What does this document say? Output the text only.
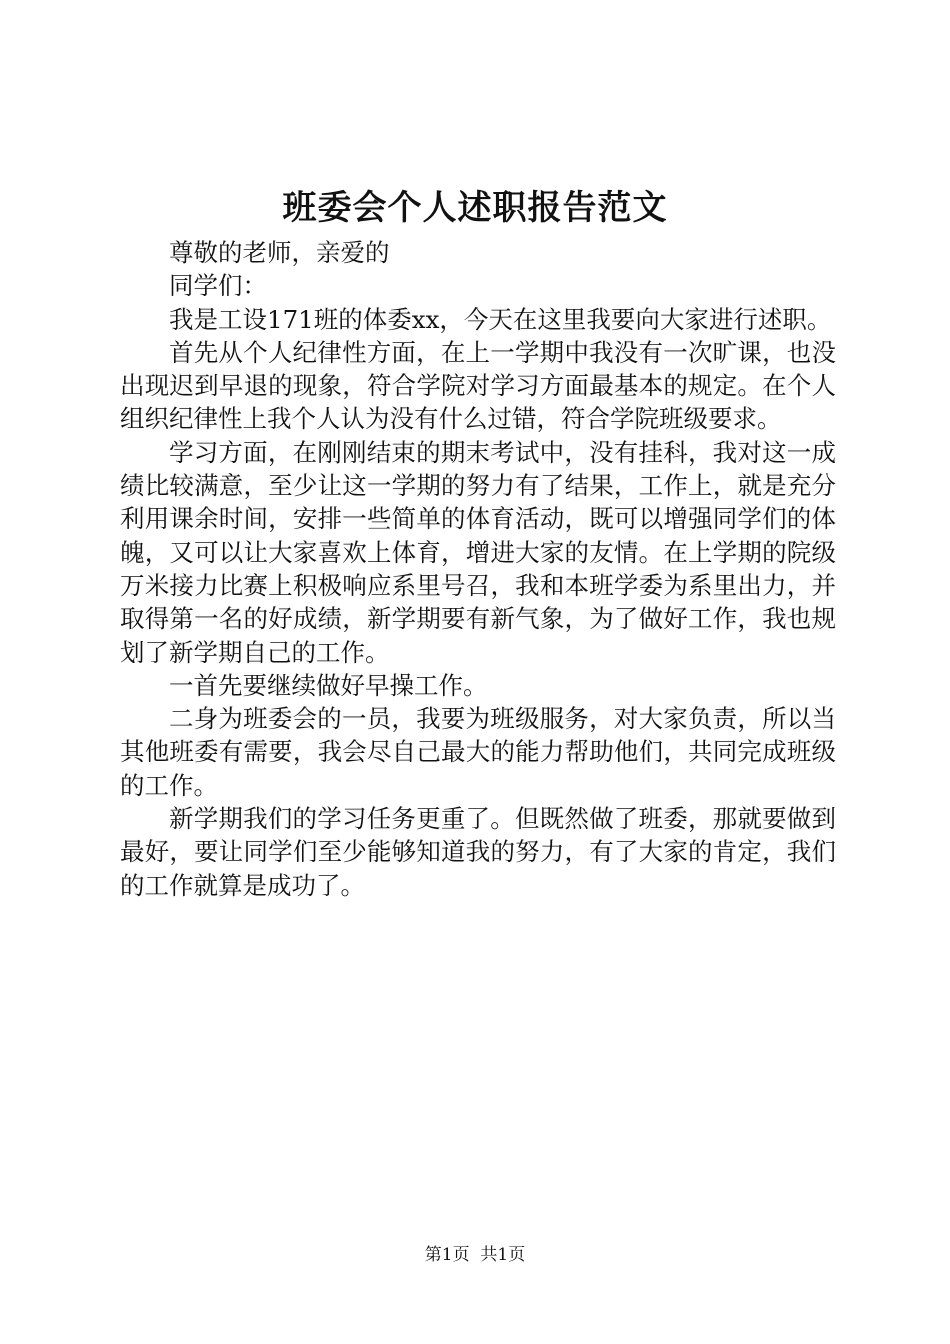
班委会个人述职报告范文

尊敬的老师，亲爱的

同学们：

我是工设171班的体委xx，今天在这里我要向大家进行述职。

首先从个人纪律性方面，在上一学期中我没有一次旷课，也没出现迟到早退的现象，符合学院对学习方面最基本的规定。在个人组织纪律性上我个人认为没有什么过错，符合学院班级要求。

学习方面，在刚刚结束的期末考试中，没有挂科，我对这一成绩比较满意，至少让这一学期的努力有了结果，工作上，就是充分利用课余时间，安排一些简单的体育活动，既可以增强同学们的体魄，又可以让大家喜欢上体育，增进大家的友情。在上学期的院级万米接力比赛上积极响应系里号召，我和本班学委为系里出力，并取得第一名的好成绩，新学期要有新气象，为了做好工作，我也规划了新学期自己的工作。

一首先要继续做好早操工作。

二身为班委会的一员，我要为班级服务，对大家负责，所以当其他班委有需要，我会尽自己最大的能力帮助他们，共同完成班级的工作。

新学期我们的学习任务更重了。但既然做了班委，那就要做到最好，要让同学们至少能够知道我的努力，有了大家的肯定，我们的工作就算是成功了。

第1页  共1页
